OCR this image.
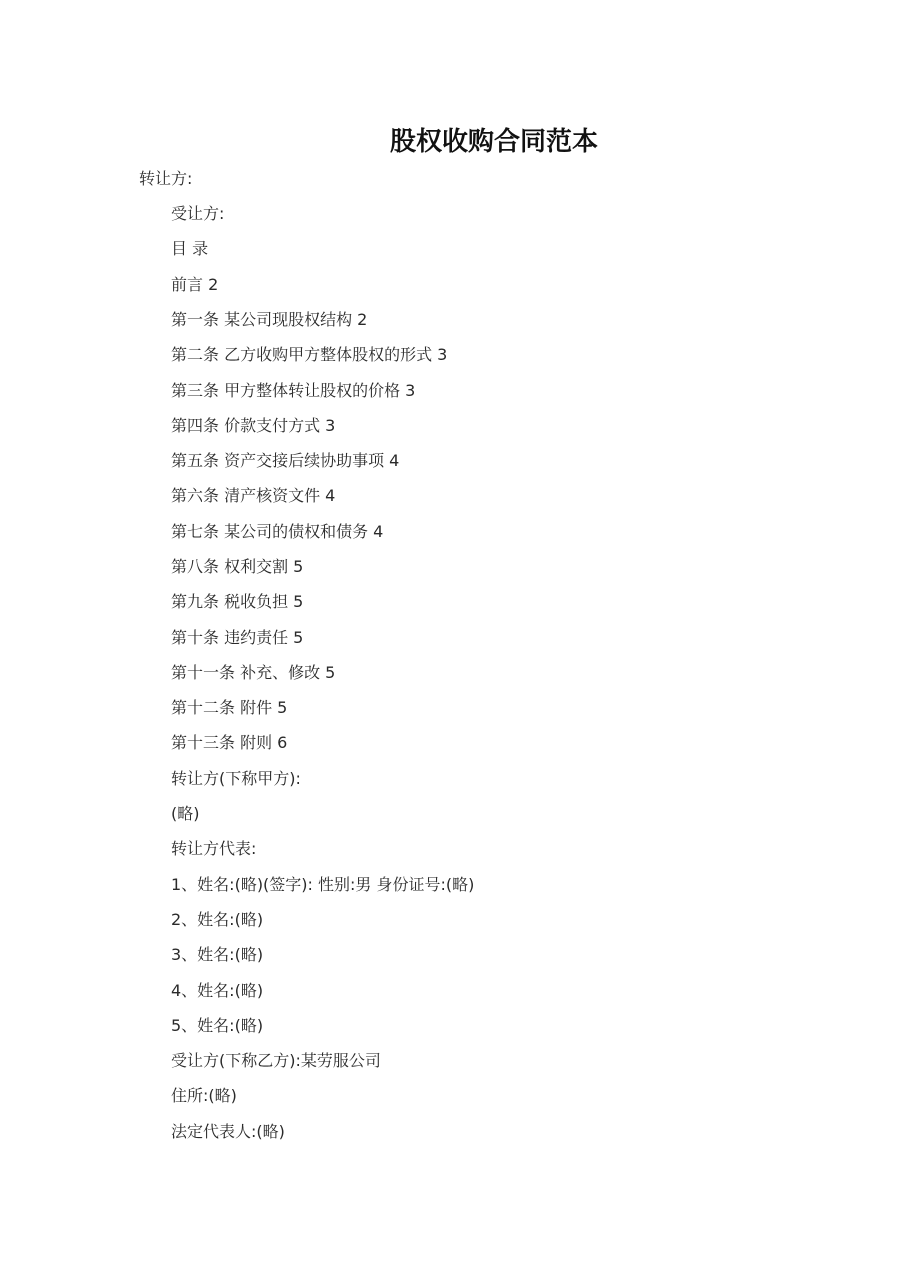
股权收购合同范本

转让方:

受让方:

目 录

前言 2

第一条 某公司现股权结构 2

第二条 乙方收购甲方整体股权的形式 3

第三条 甲方整体转让股权的价格 3

第四条 价款支付方式 3

第五条 资产交接后续协助事项 4

第六条 清产核资文件 4

第七条 某公司的债权和债务 4

第八条 权利交割 5

第九条 税收负担 5

第十条 违约责任 5

第十一条 补充、修改 5

第十二条 附件 5

第十三条 附则 6

转让方(下称甲方):

(略)

转让方代表:

1、姓名:(略)(签字): 性别:男 身份证号:(略)

2、姓名:(略)

3、姓名:(略)

4、姓名:(略)

5、姓名:(略)

受让方(下称乙方):某劳服公司

住所:(略)

法定代表人:(略)
